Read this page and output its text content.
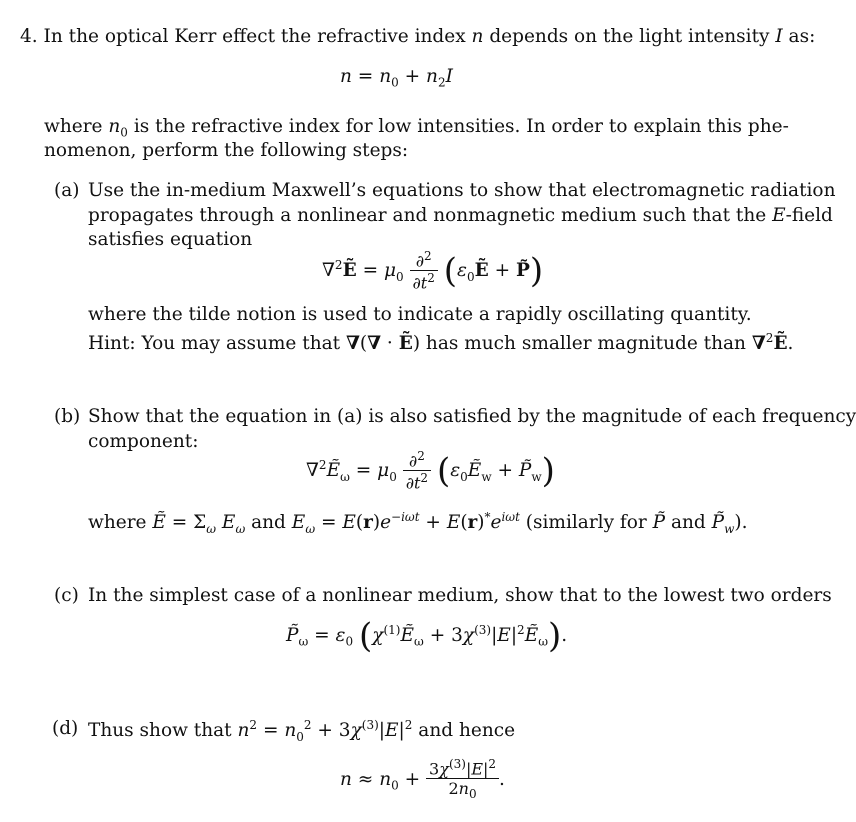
4. In the optical Kerr effect the refractive index n depends on the light intensity I as:
$n = n_0 + n_2I$
where $n_0$ is the refractive index for low intensities. In order to explain this phe-
nomenon, perform the following steps:
(a) Use the in-medium Maxwell’s equations to show that electromagnetic radiation
propagates through a nonlinear and nonmagnetic medium such that the E-field
satisfies equation
∇$^2$Ẽ = $\mu_0 \frac{\partial^2}{\partial t^2}$ ($\varepsilon_0Ẽ$ + P̃)
where the tilde notion is used to indicate a rapidly oscillating quantity.
Hint: You may assume that ∇(∇ · Ẽ) has much smaller magnitude than ∇$^2$Ẽ.
(b) Show that the equation in (a) is also satisfied by the magnitude of each frequency
component:
∇$^2$Ẽ$_\omega$ = $\mu_0 \frac{\partial^2}{\partial t^2}$ ($\varepsilon_0Ẽ_w$ + $P̃_w$)
where Ẽ = $\Sigma_\omega$ $E_\omega$ and $E_\omega = E(r)e^{-i\omega t} + E(r)^*e^{i\omega t}$ (similarly for P̃ and $P̃_w$).
(c) In the simplest case of a nonlinear medium, show that to the lowest two orders
$P̃_\omega = \varepsilon_0$ ($\chi^{(1)}Ẽ_\omega$ + $3\chi^{(3)}|E|^2Ẽ_\omega$).
(d) Thus show that $n^2 = n_0^2 + 3\chi^{(3)}|E|^2$ and hence
$n \approx n_0 + \frac{3\chi^{(3)}|E|^2}{2n_0}$ .
